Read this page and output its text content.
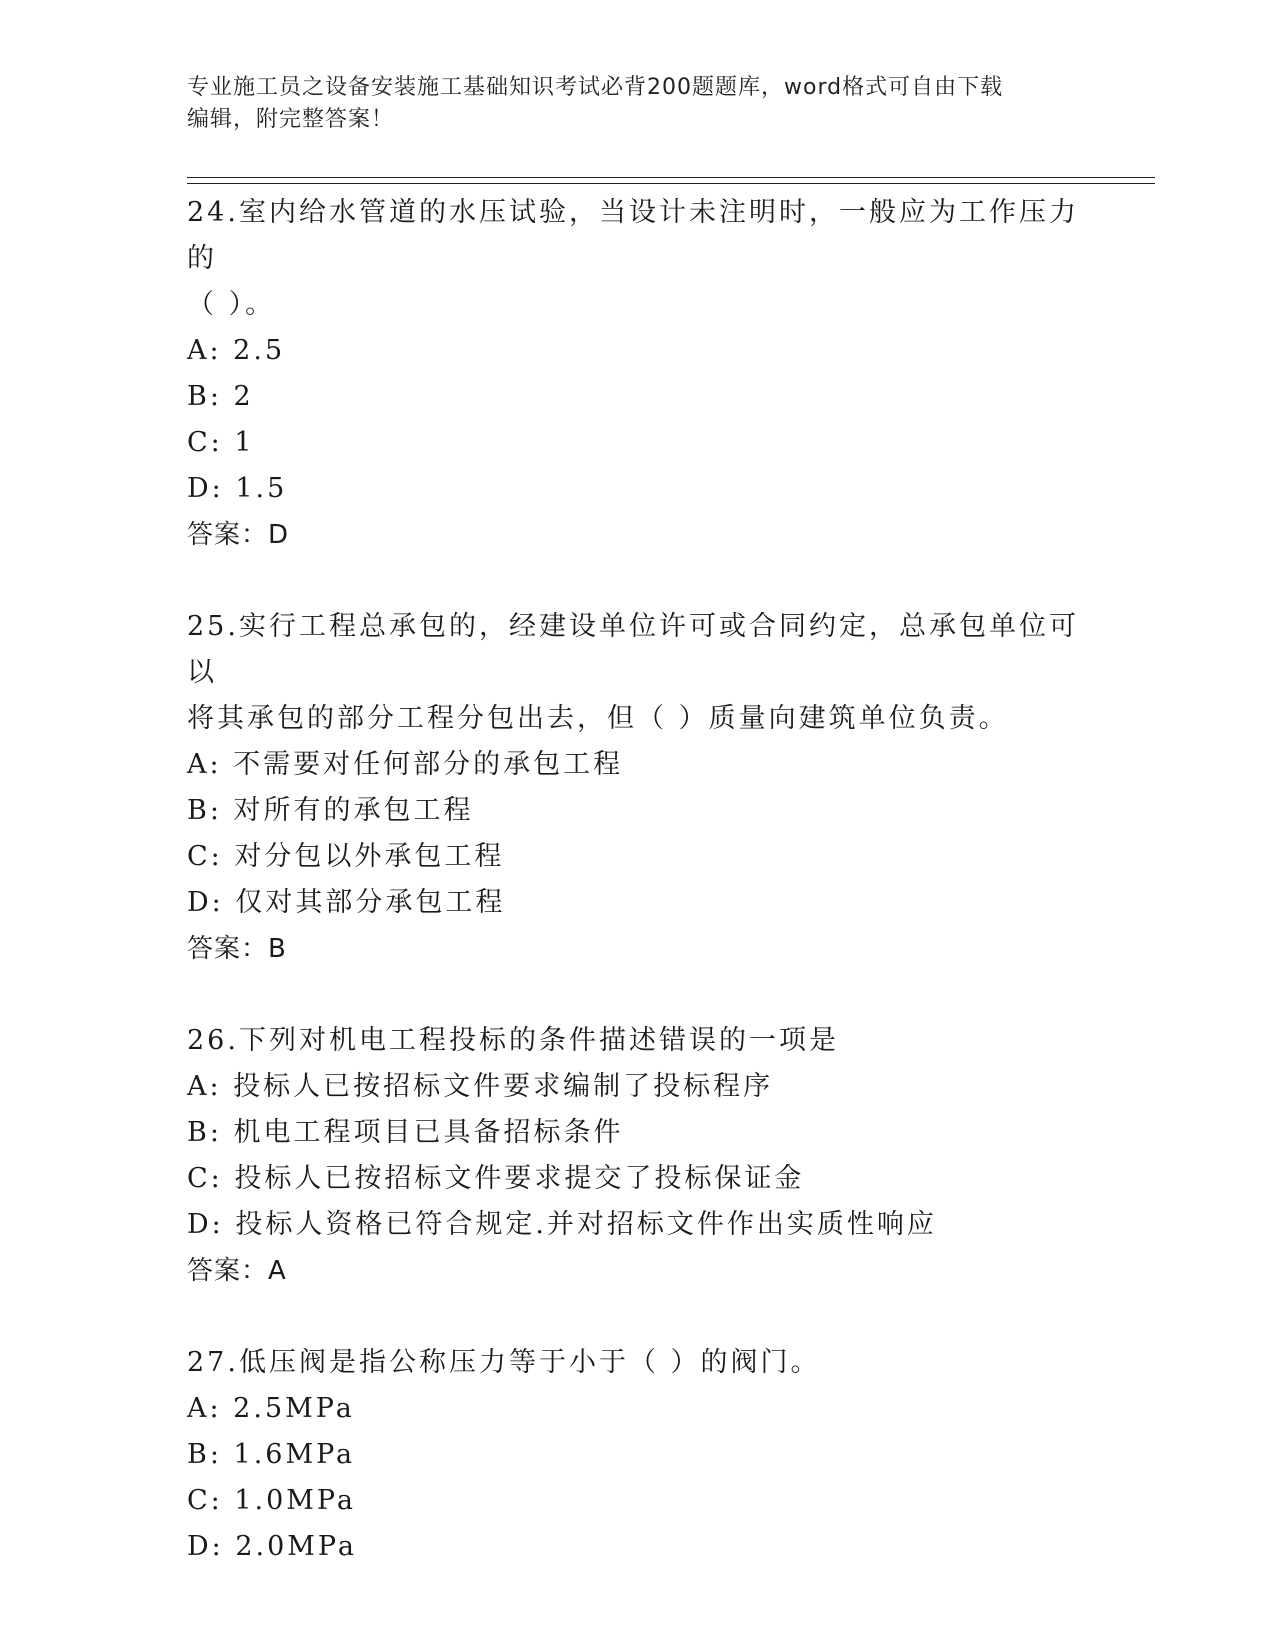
专业施工员之设备安装施工基础知识考试必背200题题库，word格式可自由下载
编辑，附完整答案！

24.室内给水管道的水压试验，当设计未注明时，一般应为工作压力的

（ ）。

A: 2.5

B: 2

C: 1

D: 1.5

答案：D

25.实行工程总承包的，经建设单位许可或合同约定，总承包单位可以

将其承包的部分工程分包出去，但（ ）质量向建筑单位负责。

A: 不需要对任何部分的承包工程

B: 对所有的承包工程

C: 对分包以外承包工程

D: 仅对其部分承包工程

答案：B

26.下列对机电工程投标的条件描述错误的一项是

A: 投标人已按招标文件要求编制了投标程序

B: 机电工程项目已具备招标条件

C: 投标人已按招标文件要求提交了投标保证金

D: 投标人资格已符合规定.并对招标文件作出实质性响应

答案：A

27.低压阀是指公称压力等于小于（ ）的阀门。

A: 2.5MPa

B: 1.6MPa

C: 1.0MPa

D: 2.0MPa
